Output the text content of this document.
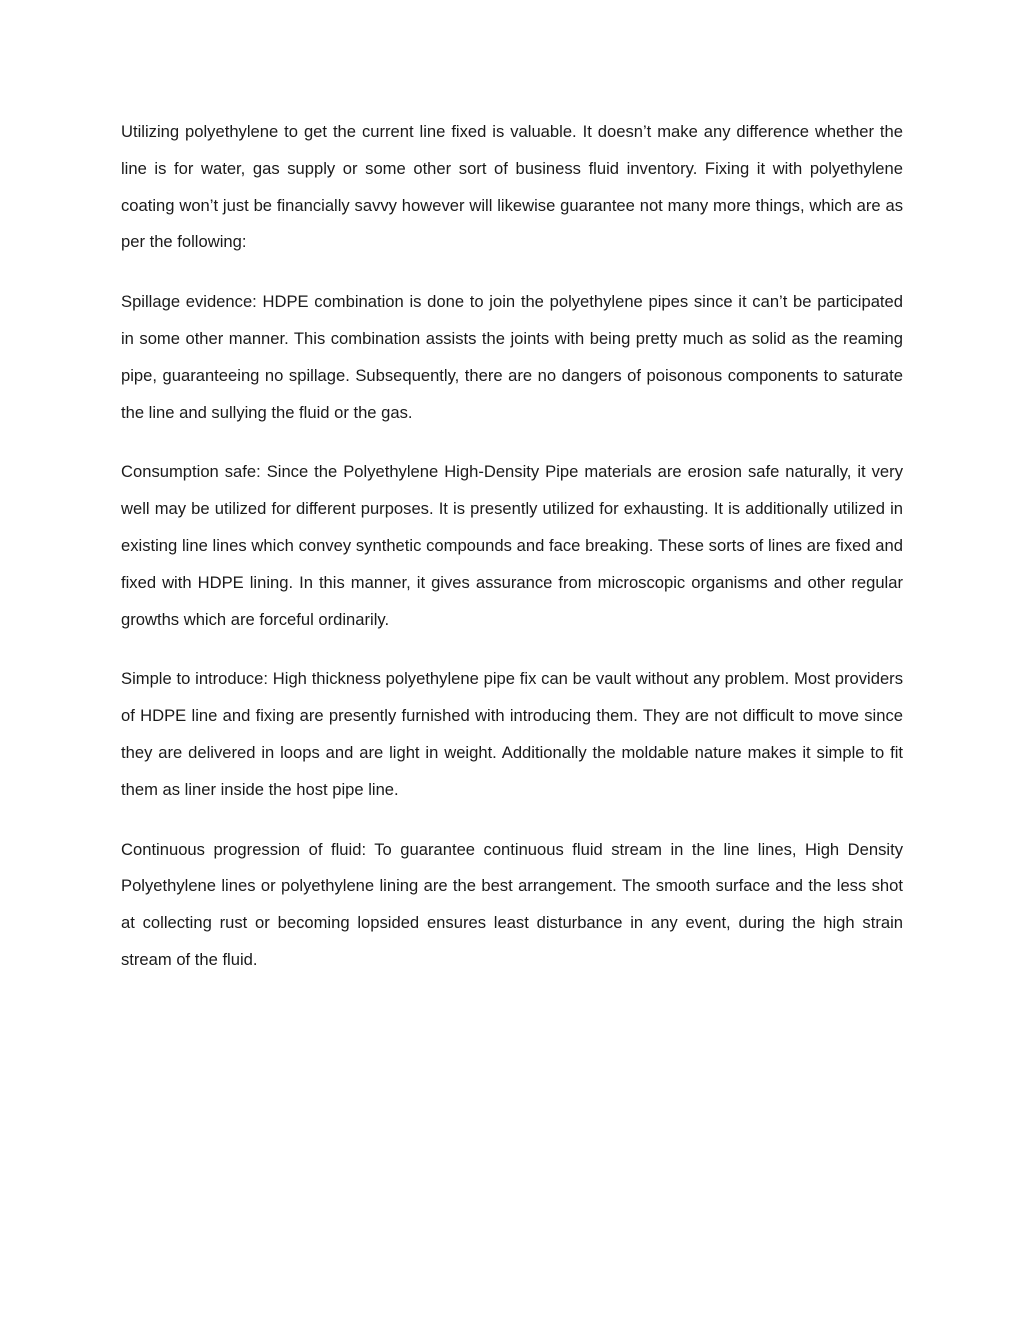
Utilizing polyethylene to get the current line fixed is valuable. It doesn’t make any difference whether the line is for water, gas supply or some other sort of business fluid inventory. Fixing it with polyethylene coating won’t just be financially savvy however will likewise guarantee not many more things, which are as per the following:

Spillage evidence: HDPE combination is done to join the polyethylene pipes since it can’t be participated in some other manner. This combination assists the joints with being pretty much as solid as the reaming pipe, guaranteeing no spillage. Subsequently, there are no dangers of poisonous components to saturate the line and sullying the fluid or the gas.

Consumption safe: Since the Polyethylene High-Density Pipe materials are erosion safe naturally, it very well may be utilized for different purposes. It is presently utilized for exhausting. It is additionally utilized in existing line lines which convey synthetic compounds and face breaking. These sorts of lines are fixed and fixed with HDPE lining. In this manner, it gives assurance from microscopic organisms and other regular growths which are forceful ordinarily.

Simple to introduce: High thickness polyethylene pipe fix can be vault without any problem. Most providers of HDPE line and fixing are presently furnished with introducing them. They are not difficult to move since they are delivered in loops and are light in weight. Additionally the moldable nature makes it simple to fit them as liner inside the host pipe line.

Continuous progression of fluid: To guarantee continuous fluid stream in the line lines, High Density Polyethylene lines or polyethylene lining are the best arrangement. The smooth surface and the less shot at collecting rust or becoming lopsided ensures least disturbance in any event, during the high strain stream of the fluid.
